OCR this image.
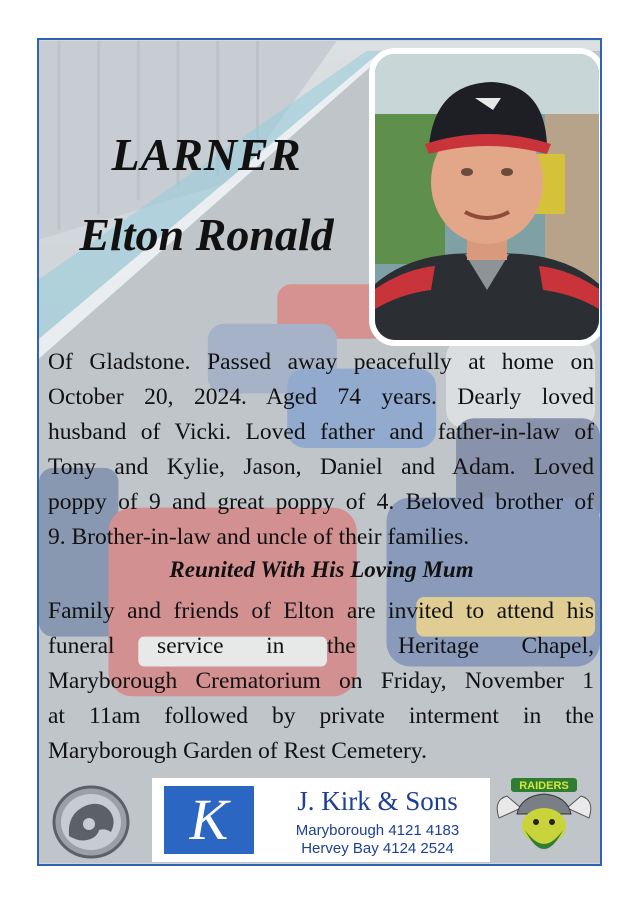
LARNER
Elton Ronald
Of Gladstone. Passed away peacefully at home on
October 20, 2024. Aged 74 years. Dearly loved
husband of Vicki. Loved father and father-in-law of
Tony and Kylie, Jason, Daniel and Adam. Loved
poppy of 9 and great poppy of 4. Beloved brother of
9. Brother-in-law and uncle of their families.
Reunited With His Loving Mum
Family and friends of Elton are invited to attend his
funeral service in the Heritage Chapel,
Maryborough Crematorium on Friday, November 1
at 11am followed by private interment in the
Maryborough Garden of Rest Cemetery.
K	J. Kirk & Sons
Maryborough 4121 4183
Hervey Bay 4124 2524
RAIDERS
